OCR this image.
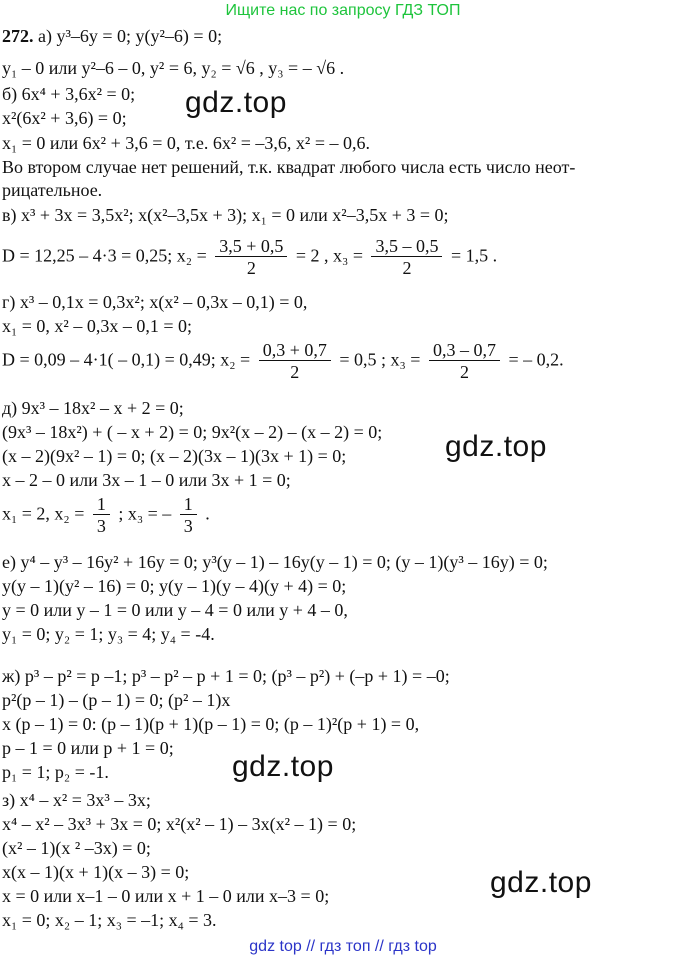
Ищите нас по запросу ГДЗ ТОП
272. а) y³–6y = 0; y(y²–6) = 0;
y₁ – 0 или y²–6 – 0, y² = 6, y₂ = √6 , y₃ = – √6 .
б) 6x⁴ + 3,6x² = 0;
x²(6x² + 3,6) = 0;
x₁ = 0 или 6x² + 3,6 = 0, т.е. 6x² = –3,6, x² = – 0,6.
Во втором случае нет решений, т.к. квадрат любого числа есть число неот-
рицательное.
в) x³ + 3x = 3,5x²; x(x²–3,5x + 3); x₁ = 0 или x²–3,5x + 3 = 0;
D = 12,25 – 4·3 = 0,25; $x_2 = \frac{3,5 + 0,5}{2} = 2$ , $x_3 = \frac{3,5 - 0,5}{2} = 1,5$ .
г) x³ – 0,1x = 0,3x²; x(x² – 0,3x – 0,1) = 0,
x₁ = 0, x² – 0,3x – 0,1 = 0;
D = 0,09 – 4·1( – 0,1) = 0,49; $x_2 = \frac{0,3 + 0,7}{2} = 0,5$ ; $x_3 = \frac{0,3 - 0,7}{2}$ = – 0,2.
д) 9x³ – 18x² – x + 2 = 0;
(9x³ – 18x²) + ( – x + 2) = 0; 9x²(x – 2) – (x – 2) = 0;
(x – 2)(9x² – 1) = 0; (x – 2)(3x – 1)(3x + 1) = 0;
x – 2 – 0 или 3x – 1 – 0 или 3x + 1 = 0;
x₁ = 2, $x_2 = \frac{1}{3}$ ; x₃ = – $\frac{1}{3}$ .
е) y⁴ – y³ – 16y² + 16y = 0; y³(y – 1) – 16y(y – 1) = 0; (y – 1)(y³ – 16y) = 0;
y(y – 1)(y² – 16) = 0; y(y – 1)(y – 4)(y + 4) = 0;
y = 0 или y – 1 = 0 или y – 4 = 0 или y + 4 – 0,
y₁ = 0; y₂ = 1; y₃ = 4; y₄ = -4.
ж) p³ – p² = p –1; p³ – p² – p + 1 = 0; (p³ – p²) + (–p + 1) = –0;
p²(p – 1) – (p – 1) = 0; (p² – 1)x
x (p – 1) = 0: (p – 1)(p + 1)(p – 1) = 0; (p – 1)²(p + 1) = 0,
p – 1 = 0 или p + 1 = 0;
p₁ = 1; p₂ = -1.
з) x⁴ – x² = 3x³ – 3x;
x⁴ – x² – 3x³ + 3x = 0; x²(x² – 1) – 3x(x² – 1) = 0;
(x² – 1)(x ² –3x) = 0;
x(x – 1)(x + 1)(x – 3) = 0;
x = 0 или x–1 – 0 или x + 1 – 0 или x–3 = 0;
x₁ = 0; x₂ – 1; x₃ = –1; x₄ = 3.
gdz.top
gdz.top
gdz.top
gdz.top
gdz top // гдз топ // гдз top
